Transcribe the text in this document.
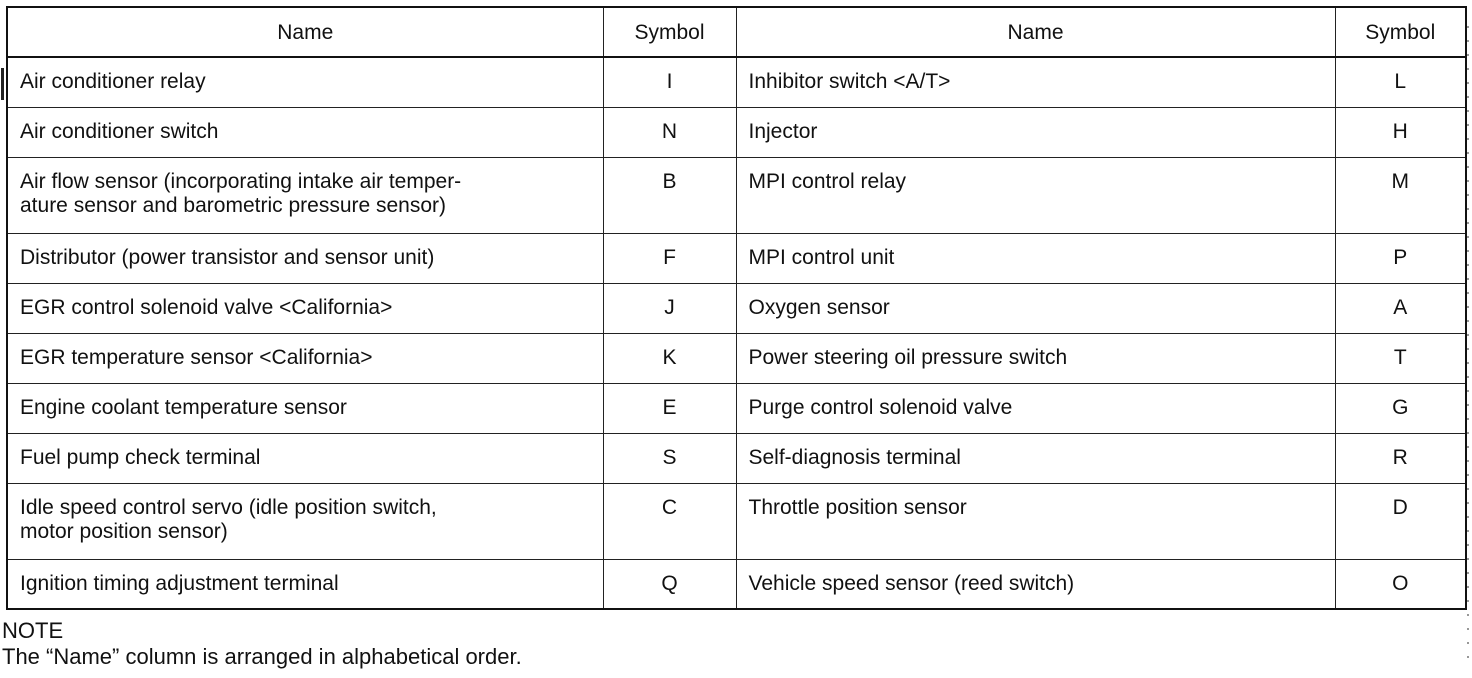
Name	Symbol	Name	Symbol
Air conditioner relay	I	Inhibitor switch <A/T>	L
Air conditioner switch	N	Injector	H

Air flow sensor (incorporating intake air temper-
ature sensor and barometric pressure sensor)	B	MPI control relay	M
Distributor (power transistor and sensor unit)	F	MPI control unit	P
EGR control solenoid valve <California>	J	Oxygen sensor	A
EGR temperature sensor <California>	K	Power steering oil pressure switch	T
Engine coolant temperature sensor	E	Purge control solenoid valve	G
Fuel pump check terminal	S	Self-diagnosis terminal	R

Idle speed control servo (idle position switch,
motor position sensor)	C	Throttle position sensor	D
Ignition timing adjustment terminal	Q	Vehicle speed sensor (reed switch)	O
NOTE
The “Name” column is arranged in alphabetical order.
